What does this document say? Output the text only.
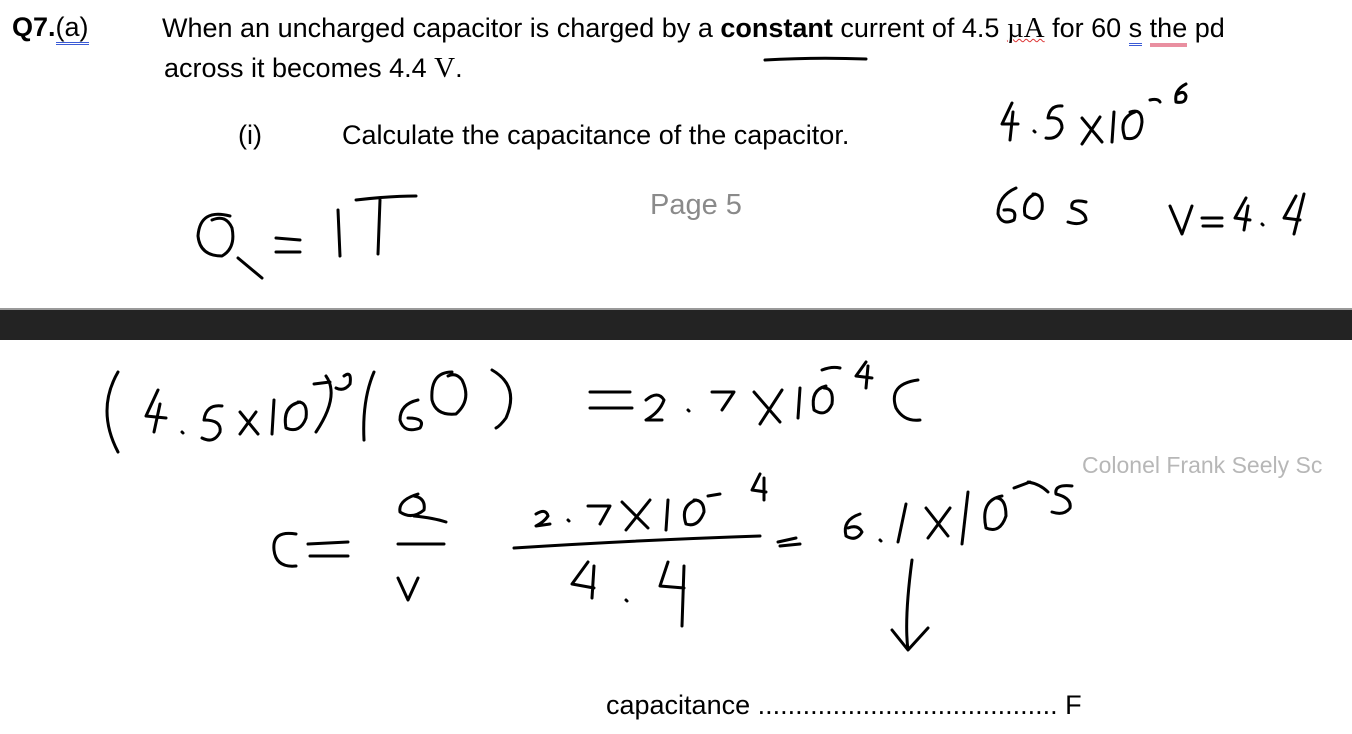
Q7.(a)	When an uncharged capacitor is charged by a constant current of 4.5 µA for 60 s the pd
across it becomes 4.4 V.
(i)	Calculate the capacitance of the capacitor.
Page 5
Colonel Frank Seely Sc
capacitance ........................................ F
